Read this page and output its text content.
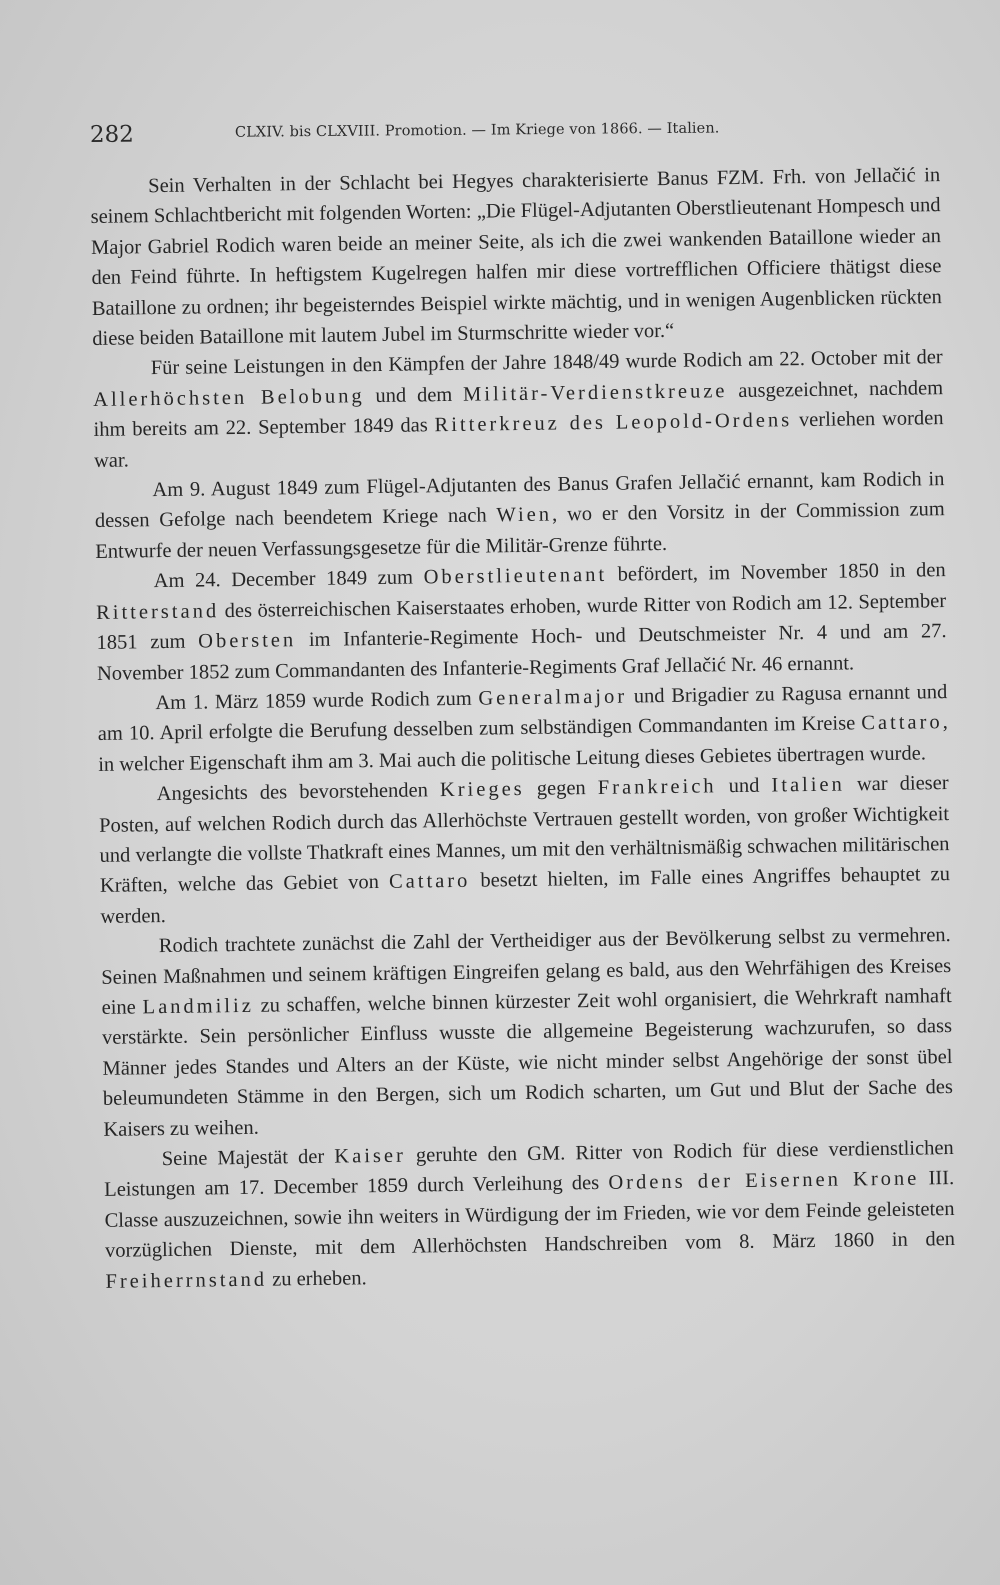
282	CLXIV. bis CLXVIII. Promotion. — Im Kriege von 1866. — Italien.

Sein Verhalten in der Schlacht bei Hegyes charakterisierte Banus FZM. Frh. von Jellačić in seinem Schlachtbericht mit folgenden Worten: „Die Flügel-Adjutanten Oberstlieutenant Hompesch und Major Gabriel Rodich waren beide an meiner Seite, als ich die zwei wankenden Bataillone wieder an den Feind führte. In heftigstem Kugelregen halfen mir diese vortrefflichen Officiere thätigst diese Bataillone zu ordnen; ihr begeisterndes Beispiel wirkte mächtig, und in wenigen Augenblicken rückten diese beiden Bataillone mit lautem Jubel im Sturmschritte wieder vor.“

Für seine Leistungen in den Kämpfen der Jahre 1848/49 wurde Rodich am 22. October mit der Allerhöchsten Belobung und dem Militär-Verdienstkreuze ausgezeichnet, nachdem ihm bereits am 22. September 1849 das Ritterkreuz des Leopold-Ordens verliehen worden war.

Am 9. August 1849 zum Flügel-Adjutanten des Banus Grafen Jellačić ernannt, kam Rodich in dessen Gefolge nach beendetem Kriege nach Wien, wo er den Vorsitz in der Commission zum Entwurfe der neuen Verfassungsgesetze für die Militär-Grenze führte.

Am 24. December 1849 zum Oberstlieutenant befördert, im November 1850 in den Ritterstand des österreichischen Kaiserstaates erhoben, wurde Ritter von Rodich am 12. September 1851 zum Obersten im Infanterie-Regimente Hoch- und Deutschmeister Nr. 4 und am 27. November 1852 zum Commandanten des Infanterie-Regiments Graf Jellačić Nr. 46 ernannt.

Am 1. März 1859 wurde Rodich zum Generalmajor und Brigadier zu Ragusa ernannt und am 10. April erfolgte die Berufung desselben zum selbständigen Commandanten im Kreise Cattaro, in welcher Eigenschaft ihm am 3. Mai auch die politische Leitung dieses Gebietes übertragen wurde.

Angesichts des bevorstehenden Krieges gegen Frankreich und Italien war dieser Posten, auf welchen Rodich durch das Allerhöchste Vertrauen gestellt worden, von großer Wichtigkeit und verlangte die vollste Thatkraft eines Mannes, um mit den verhältnismäßig schwachen militärischen Kräften, welche das Gebiet von Cattaro besetzt hielten, im Falle eines Angriffes behauptet zu werden.

Rodich trachtete zunächst die Zahl der Vertheidiger aus der Bevölkerung selbst zu vermehren. Seinen Maßnahmen und seinem kräftigen Eingreifen gelang es bald, aus den Wehrfähigen des Kreises eine Landmiliz zu schaffen, welche binnen kürzester Zeit wohl organisiert, die Wehrkraft namhaft verstärkte. Sein persönlicher Einfluss wusste die allgemeine Begeisterung wachzurufen, so dass Männer jedes Standes und Alters an der Küste, wie nicht minder selbst Angehörige der sonst übel beleumundeten Stämme in den Bergen, sich um Rodich scharten, um Gut und Blut der Sache des Kaisers zu weihen.

Seine Majestät der Kaiser geruhte den GM. Ritter von Rodich für diese verdienstlichen Leistungen am 17. December 1859 durch Verleihung des Ordens der Eisernen Krone III. Classe auszuzeichnen, sowie ihn weiters in Würdigung der im Frieden, wie vor dem Feinde geleisteten vorzüglichen Dienste, mit dem Allerhöchsten Handschreiben vom 8. März 1860 in den Freiherrnstand zu erheben.
